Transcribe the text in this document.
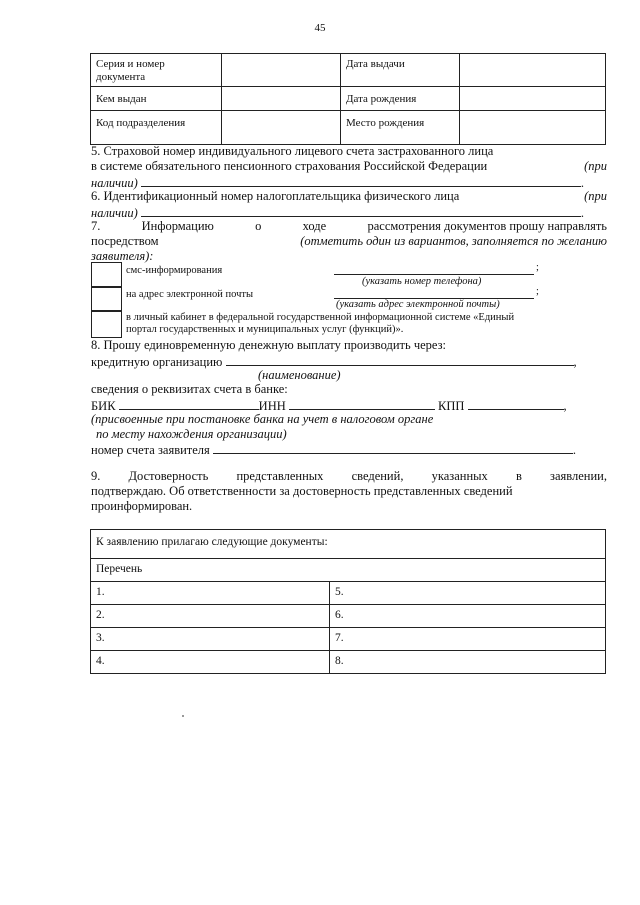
45
Серия и номер документа		Дата выдачи	
Кем выдан		Дата рождения	
Код подразделения		Место рождения	
5. Страховой номер индивидуального лицевого счета застрахованного лица
в системе обязательного пенсионного страхования Российской Федерации	(при
наличии)	.
6. Идентификационный номер налогоплательщика физического лица	(при
наличии)	.
7.	Информацию	о	ходе	рассмотрения документов прошу направлять
посредством	(отметить один из вариантов, заполняется по желанию
заявителя):
смс-информирования	;
(указать номер телефона)
на адрес электронной почты	;
(указать адрес электронной почты)
в личный кабинет в федеральной государственной информационной системе «Единый
портал государственных и муниципальных услуг (функций)».
8. Прошу единовременную денежную выплату производить через:
кредитную организацию	,
(наименование)
сведения о реквизитах счета в банке:
БИК	ИНН	КПП	,
(присвоенные при постановке банка на учет в налоговом органе
по месту нахождения организации)
номер счета заявителя	.
9. Достоверность представленных сведений, указанных в заявлении,
подтверждаю. Об ответственности за достоверность представленных сведений
проинформирован.
К заявлению прилагаю следующие документы:	
Перечень	
1.	5.
2.	6.
3.	7.
4.	8.
